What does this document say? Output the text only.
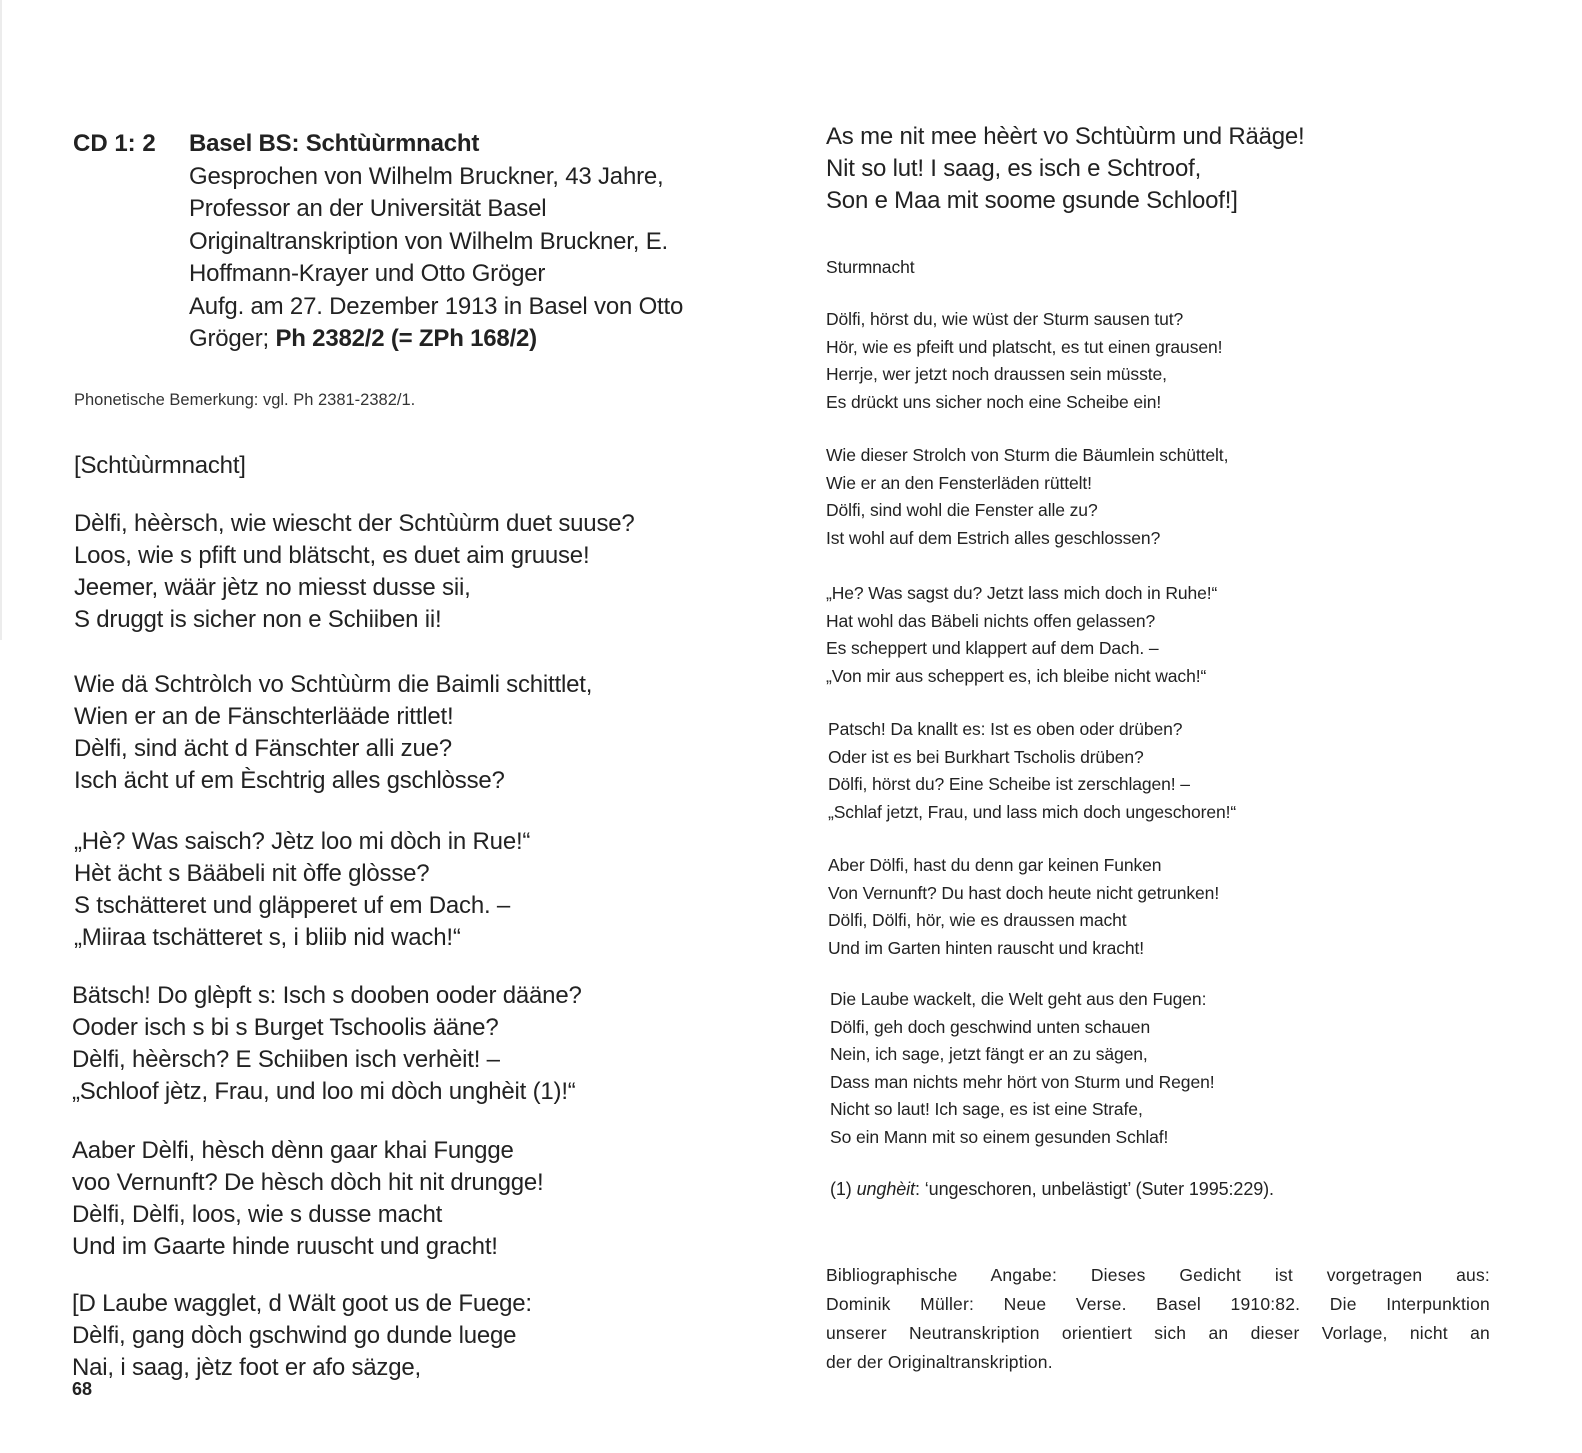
CD 1: 2 Basel BS: Schtùùrmnacht
Gesprochen von Wilhelm Bruckner, 43 Jahre,
Professor an der Universität Basel
Originaltranskription von Wilhelm Bruckner, E.
Hoffmann-Krayer und Otto Gröger
Aufg. am 27. Dezember 1913 in Basel von Otto
Gröger; Ph 2382/2 (= ZPh 168/2)
Phonetische Bemerkung: vgl. Ph 2381-2382/1.
[Schtùùrmnacht]
Dèlfi, hèèrsch, wie wiescht der Schtùùrm duet suuse?
Loos, wie s pfift und blätscht, es duet aim gruuse!
Jeemer, wäär jètz no miesst dusse sii,
S druggt is sicher non e Schiiben ii!
Wie dä Schtròlch vo Schtùùrm die Baimli schittlet,
Wien er an de Fänschterlääde rittlet!
Dèlfi, sind ächt d Fänschter alli zue?
Isch ächt uf em Èschtrig alles gschlòsse?
„Hè? Was saisch? Jètz loo mi dòch in Rue!“
Hèt ächt s Bääbeli nit òffe glòsse?
S tschätteret und gläpperet uf em Dach. –
„Miiraa tschätteret s, i bliib nid wach!“
Bätsch! Do glèpft s: Isch s dooben ooder dääne?
Ooder isch s bi s Burget Tschoolis ääne?
Dèlfi, hèèrsch? E Schiiben isch verhèit! –
„Schloof jètz, Frau, und loo mi dòch unghèit (1)!“
Aaber Dèlfi, hèsch dènn gaar khai Fungge
voo Vernunft? De hèsch dòch hit nit drungge!
Dèlfi, Dèlfi, loos, wie s dusse macht
Und im Gaarte hinde ruuscht und gracht!
[D Laube wagglet, d Wält goot us de Fuege:
Dèlfi, gang dòch gschwind go dunde luege
Nai, i saag, jètz foot er afo säzge,
68
As me nit mee hèèrt vo Schtùùrm und Rääge!
Nit so lut! I saag, es isch e Schtroof,
Son e Maa mit soome gsunde Schloof!]
Sturmnacht
Dölfi, hörst du, wie wüst der Sturm sausen tut?
Hör, wie es pfeift und platscht, es tut einen grausen!
Herrje, wer jetzt noch draussen sein müsste,
Es drückt uns sicher noch eine Scheibe ein!
Wie dieser Strolch von Sturm die Bäumlein schüttelt,
Wie er an den Fensterläden rüttelt!
Dölfi, sind wohl die Fenster alle zu?
Ist wohl auf dem Estrich alles geschlossen?
„He? Was sagst du? Jetzt lass mich doch in Ruhe!“
Hat wohl das Bäbeli nichts offen gelassen?
Es scheppert und klappert auf dem Dach. –
„Von mir aus scheppert es, ich bleibe nicht wach!“
Patsch! Da knallt es: Ist es oben oder drüben?
Oder ist es bei Burkhart Tscholis drüben?
Dölfi, hörst du? Eine Scheibe ist zerschlagen! –
„Schlaf jetzt, Frau, und lass mich doch ungeschoren!“
Aber Dölfi, hast du denn gar keinen Funken
Von Vernunft? Du hast doch heute nicht getrunken!
Dölfi, Dölfi, hör, wie es draussen macht
Und im Garten hinten rauscht und kracht!
Die Laube wackelt, die Welt geht aus den Fugen:
Dölfi, geh doch geschwind unten schauen
Nein, ich sage, jetzt fängt er an zu sägen,
Dass man nichts mehr hört von Sturm und Regen!
Nicht so laut! Ich sage, es ist eine Strafe,
So ein Mann mit so einem gesunden Schlaf!
(1) unghèit: ‘ungeschoren, unbelästigt’ (Suter 1995:229).
Bibliographische Angabe: Dieses Gedicht ist vorgetragen aus:
Dominik Müller: Neue Verse. Basel 1910:82. Die Interpunktion
unserer Neutranskription orientiert sich an dieser Vorlage, nicht an
der der Originaltranskription.
